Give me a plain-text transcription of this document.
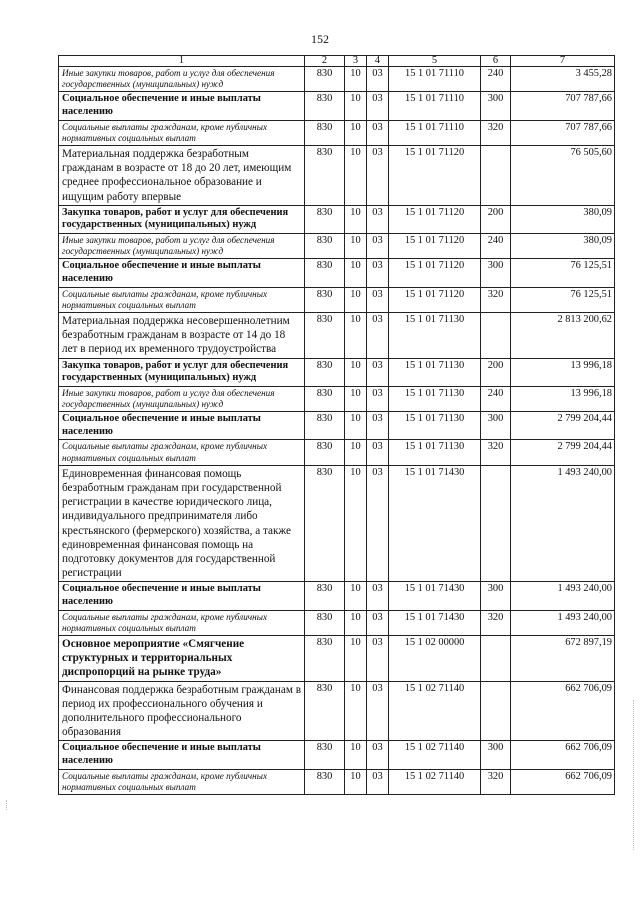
152
1	2	3	4	5	6	7
Иные закупки товаров, работ и услуг для обеспечения государственных (муниципальных) нужд	830	10	03	15 1 01 71110	240	3 455,28
Социальное обеспечение и иные выплаты населению	830	10	03	15 1 01 71110	300	707 787,66
Социальные выплаты гражданам, кроме публичных нормативных социальных выплат	830	10	03	15 1 01 71110	320	707 787,66
Материальная поддержка безработным гражданам в возрасте от 18 до 20 лет, имеющим среднее профессиональное образование и ищущим работу впервые	830	10	03	15 1 01 71120		76 505,60
Закупка товаров, работ и услуг для обеспечения государственных (муниципальных) нужд	830	10	03	15 1 01 71120	200	380,09
Иные закупки товаров, работ и услуг для обеспечения государственных (муниципальных) нужд	830	10	03	15 1 01 71120	240	380,09
Социальное обеспечение и иные выплаты населению	830	10	03	15 1 01 71120	300	76 125,51
Социальные выплаты гражданам, кроме публичных нормативных социальных выплат	830	10	03	15 1 01 71120	320	76 125,51
Материальная поддержка несовершеннолетним безработным гражданам в возрасте от 14 до 18 лет в период их временного трудоустройства	830	10	03	15 1 01 71130		2 813 200,62
Закупка товаров, работ и услуг для обеспечения государственных (муниципальных) нужд	830	10	03	15 1 01 71130	200	13 996,18
Иные закупки товаров, работ и услуг для обеспечения государственных (муниципальных) нужд	830	10	03	15 1 01 71130	240	13 996,18
Социальное обеспечение и иные выплаты населению	830	10	03	15 1 01 71130	300	2 799 204,44
Социальные выплаты гражданам, кроме публичных нормативных социальных выплат	830	10	03	15 1 01 71130	320	2 799 204,44
Единовременная финансовая помощь безработным гражданам при государственной регистрации в качестве юридического лица, индивидуального предпринимателя либо крестьянского (фермерского) хозяйства, а также единовременная финансовая помощь на подготовку документов для государственной регистрации	830	10	03	15 1 01 71430		1 493 240,00
Социальное обеспечение и иные выплаты населению	830	10	03	15 1 01 71430	300	1 493 240,00
Социальные выплаты гражданам, кроме публичных нормативных социальных выплат	830	10	03	15 1 01 71430	320	1 493 240,00
Основное мероприятие «Смягчение структурных и территориальных диспропорций на рынке труда»	830	10	03	15 1 02 00000		672 897,19
Финансовая поддержка безработным гражданам в период их профессионального обучения и дополнительного профессионального образования	830	10	03	15 1 02 71140		662 706,09
Социальное обеспечение и иные выплаты населению	830	10	03	15 1 02 71140	300	662 706,09
Социальные выплаты гражданам, кроме публичных нормативных социальных выплат	830	10	03	15 1 02 71140	320	662 706,09
